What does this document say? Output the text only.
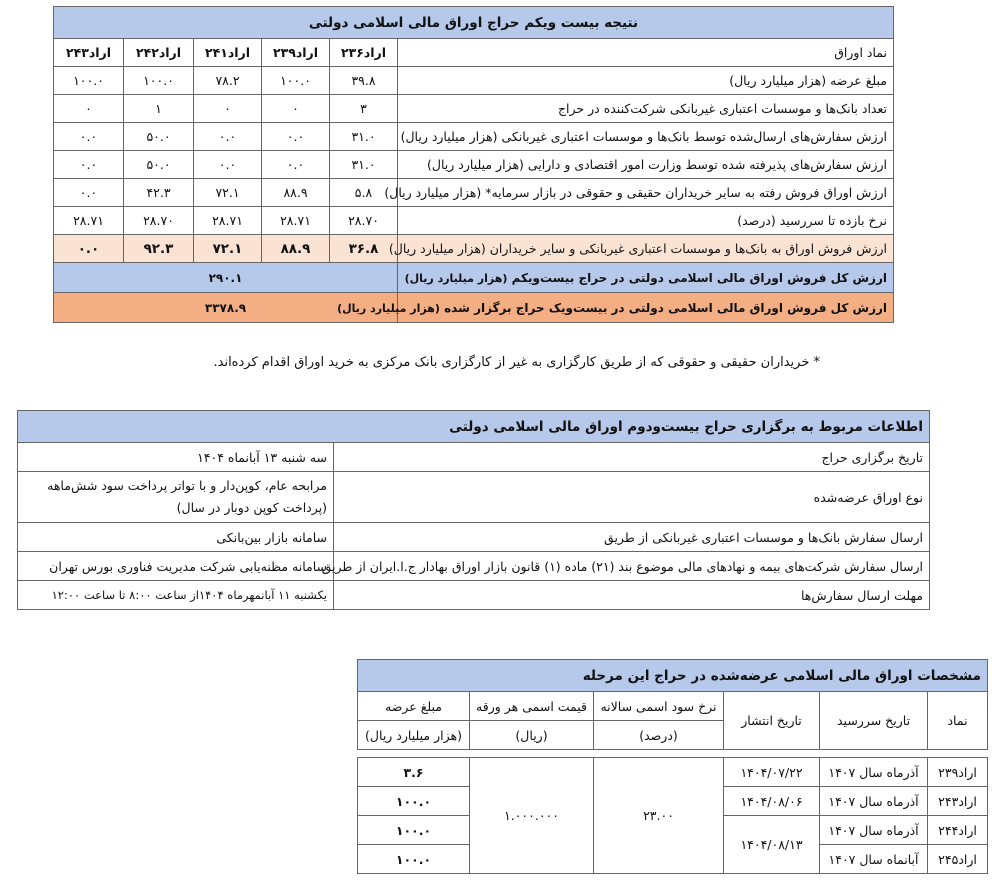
نتیجه بیست ویکم حراج اوراق مالی اسلامی دولتی					
نماد اوراق	اراد۲۳۶	اراد۲۳۹	اراد۲۴۱	اراد۲۴۲	اراد۲۴۳
مبلغ عرضه (هزار میلیارد ریال)	۳۹.۸	۱۰۰.۰	۷۸.۲	۱۰۰.۰	۱۰۰.۰
تعداد بانک‌ها و موسسات اعتباری غیربانکی شرکت‌کننده در حراج	۳	۰	۰	۱	۰
ارزش سفارش‌های ارسال‌شده توسط بانک‌ها و موسسات اعتباری غیربانکی (هزار میلیارد ریال)	۳۱.۰	۰.۰	۰.۰	۵۰.۰	۰.۰
ارزش سفارش‌های پذیرفته شده توسط وزارت امور اقتصادی و دارایی (هزار میلیارد ریال)	۳۱.۰	۰.۰	۰.۰	۵۰.۰	۰.۰
ارزش اوراق فروش رفته به سایر خریداران حقیقی و حقوقی در بازار سرمایه* (هزار میلیارد ریال)	۵.۸	۸۸.۹	۷۲.۱	۴۲.۳	۰.۰
نرخ بازده تا سررسید (درصد)	۲۸.۷۰	۲۸.۷۱	۲۸.۷۱	۲۸.۷۰	۲۸.۷۱
ارزش فروش اوراق به بانک‌ها و موسسات اعتباری غیربانکی و سایر خریداران (هزار میلیارد ریال)	۳۶.۸	۸۸.۹	۷۲.۱	۹۲.۳	۰.۰
ارزش کل فروش اوراق مالی اسلامی دولتی در حراج بیست‌ویکم (هزار میلیارد ریال)	۲۹۰.۱				
ارزش کل فروش اوراق مالی اسلامی دولتی در بیست‌ویک حراج برگزار شده (هزار میلیارد ریال)	۳۳۷۸.۹				
* خریداران حقیقی و حقوقی که از طریق کارگزاری به غیر از کارگزاری بانک مرکزی به خرید اوراق اقدام کرده‌اند.
اطلاعات مربوط به برگزاری حراج بیست‌ودوم اوراق مالی اسلامی دولتی	
تاریخ برگزاری حراج	سه شنبه ۱۳ آبانماه ۱۴۰۴
نوع اوراق عرضه‌شده	مرابحه عام، کوپن‌دار و با تواتر پرداخت سود شش‌ماهه (پرداخت کوپن دوبار در سال)
ارسال سفارش بانک‌ها و موسسات اعتباری غیربانکی از طریق	سامانه بازار بین‌بانکی
ارسال سفارش شرکت‌های بیمه و نهادهای مالی موضوع بند (۲۱) ماده (۱) قانون بازار اوراق بهادار ج.ا.ایران از طریق	سامانه مظنه‌یابی شرکت مدیریت فناوری بورس تهران
مهلت ارسال سفارش‌ها	یکشنبه ۱۱ آبانمهرماه ۱۴۰۴از ساعت ۸:۰۰ تا ساعت ۱۲:۰۰
مشخصات اوراق مالی اسلامی عرضه‌شده در حراج این مرحله					
نماد	تاریخ سررسید	تاریخ انتشار	نرخ سود اسمی سالانه	قیمت اسمی هر ورقه	مبلغ عرضه
			(درصد)	(ریال)	(هزار میلیارد ریال)

اراد۲۳۹	آذرماه سال ۱۴۰۷	۱۴۰۴/۰۷/۲۲	۲۳.۰۰	۱.۰۰۰.۰۰۰	۳.۶
اراد۲۴۳	آذرماه سال ۱۴۰۷	۱۴۰۴/۰۸/۰۶			۱۰۰.۰
اراد۲۴۴	آذرماه سال ۱۴۰۷	۱۴۰۴/۰۸/۱۳			۱۰۰.۰
اراد۲۴۵	آبانماه سال ۱۴۰۷				۱۰۰.۰
